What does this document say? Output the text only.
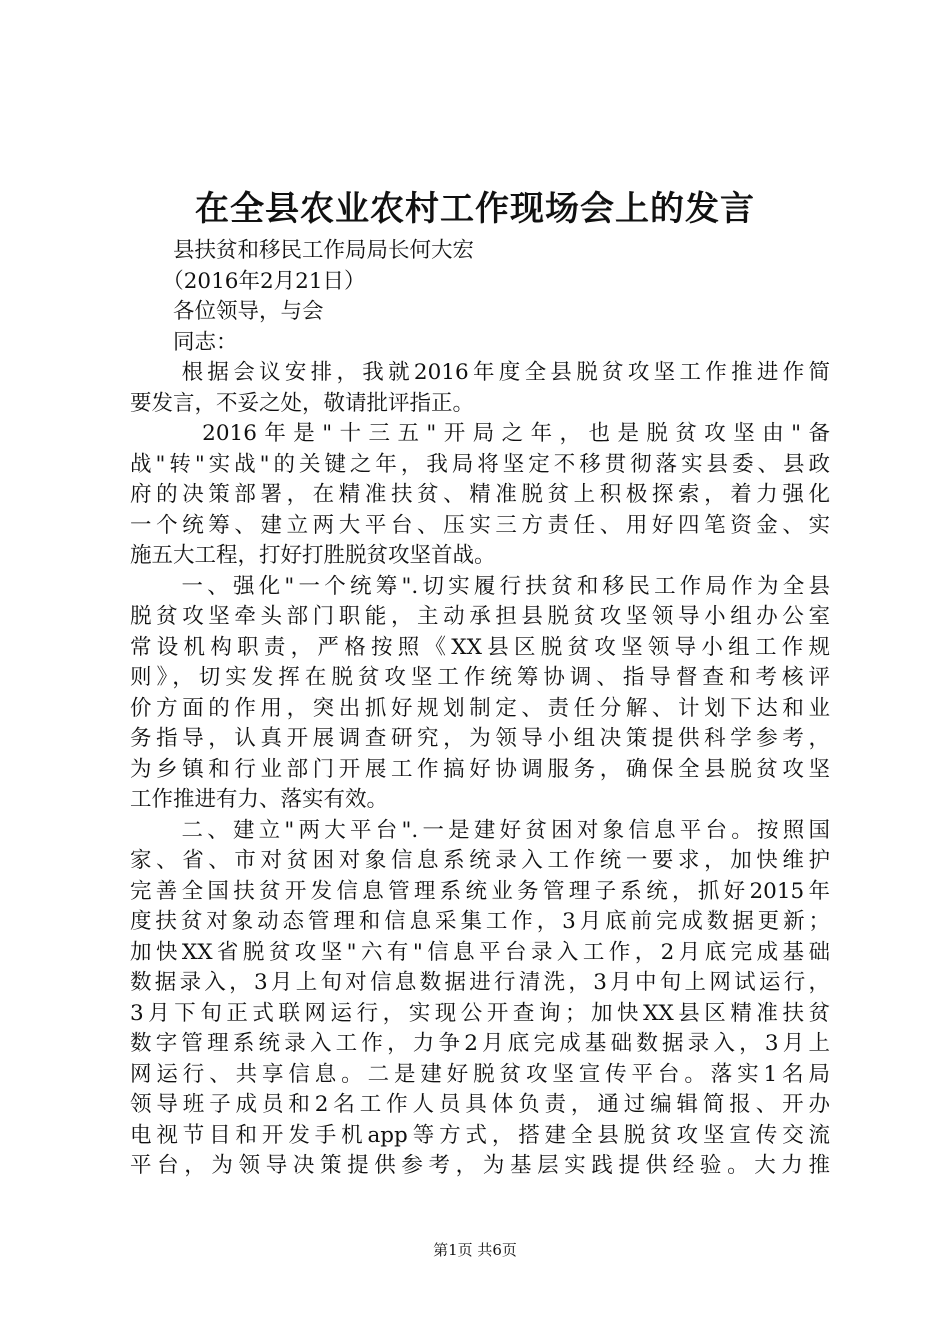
在全县农业农村工作现场会上的发言
　　县扶贫和移民工作局局长何大宏
　　（2016年2月21日）
　　各位领导，与会
　　同志：
　　根据会议安排，我就2016年度全县脱贫攻坚工作推进作简
要发言，不妥之处，敬请批评指正。
　　 2016年是"十三五"开局之年，也是脱贫攻坚由"备
战"转"实战"的关键之年，我局将坚定不移贯彻落实县委、县政
府的决策部署，在精准扶贫、精准脱贫上积极探索，着力强化
一个统筹、建立两大平台、压实三方责任、用好四笔资金、实
施五大工程，打好打胜脱贫攻坚首战。
　　一、强化"一个统筹".切实履行扶贫和移民工作局作为全县
脱贫攻坚牵头部门职能，主动承担县脱贫攻坚领导小组办公室
常设机构职责，严格按照《XX县区脱贫攻坚领导小组工作规
则》，切实发挥在脱贫攻坚工作统筹协调、指导督查和考核评
价方面的作用，突出抓好规划制定、责任分解、计划下达和业
务指导，认真开展调查研究，为领导小组决策提供科学参考，
为乡镇和行业部门开展工作搞好协调服务，确保全县脱贫攻坚
工作推进有力、落实有效。
　　二、建立"两大平台".一是建好贫困对象信息平台。按照国
家、省、市对贫困对象信息系统录入工作统一要求，加快维护
完善全国扶贫开发信息管理系统业务管理子系统，抓好2015年
度扶贫对象动态管理和信息采集工作，3月底前完成数据更新；
加快XX省脱贫攻坚"六有"信息平台录入工作，2月底完成基础
数据录入，3月上旬对信息数据进行清洗，3月中旬上网试运行，
3月下旬正式联网运行，实现公开查询；加快XX县区精准扶贫
数字管理系统录入工作，力争2月底完成基础数据录入，3月上
网运行、共享信息。二是建好脱贫攻坚宣传平台。落实1名局
领导班子成员和2名工作人员具体负责，通过编辑简报、开办
电视节目和开发手机app等方式，搭建全县脱贫攻坚宣传交流
平台，为领导决策提供参考，为基层实践提供经验。大力推
第1页 共6页
